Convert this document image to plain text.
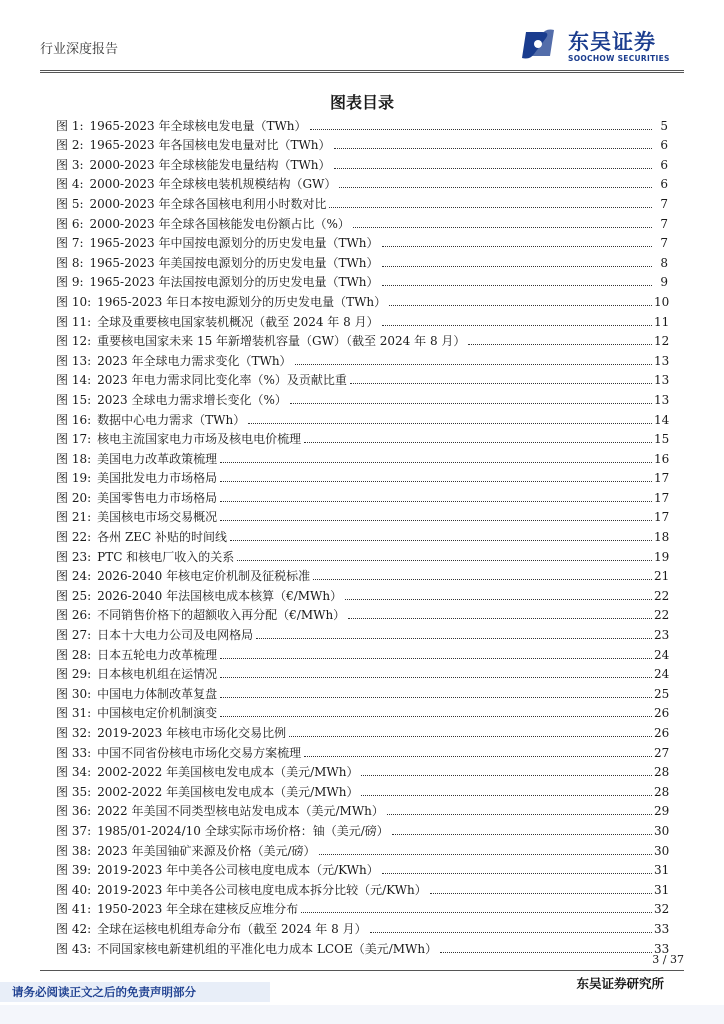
行业深度报告	东吴证券
SOOCHOW SECURITIES
图表目录
图 1: 1965-2023 年全球核电发电量（TWh）	5
图 2: 1965-2023 年各国核电发电量对比（TWh）	6
图 3: 2000-2023 年全球核能发电量结构（TWh）	6
图 4: 2000-2023 年全球核电装机规模结构（GW）	6
图 5: 2000-2023 年全球各国核电利用小时数对比	7
图 6: 2000-2023 年全球各国核能发电份额占比（%）	7
图 7: 1965-2023 年中国按电源划分的历史发电量（TWh）	7
图 8: 1965-2023 年美国按电源划分的历史发电量（TWh）	8
图 9: 1965-2023 年法国按电源划分的历史发电量（TWh）	9
图 10: 1965-2023 年日本按电源划分的历史发电量（TWh）	10
图 11: 全球及重要核电国家装机概况（截至 2024 年 8 月）	11
图 12: 重要核电国家未来 15 年新增装机容量（GW）（截至 2024 年 8 月）	12
图 13: 2023 年全球电力需求变化（TWh）	13
图 14: 2023 年电力需求同比变化率（%）及贡献比重	13
图 15: 2023 全球电力需求增长变化（%）	13
图 16: 数据中心电力需求（TWh）	14
图 17: 核电主流国家电力市场及核电电价梳理	15
图 18: 美国电力改革政策梳理	16
图 19: 美国批发电力市场格局	17
图 20: 美国零售电力市场格局	17
图 21: 美国核电市场交易概况	17
图 22: 各州 ZEC 补贴的时间线	18
图 23: PTC 和核电厂收入的关系	19
图 24: 2026-2040 年核电定价机制及征税标准	21
图 25: 2026-2040 年法国核电成本核算（€/MWh）	22
图 26: 不同销售价格下的超额收入再分配（€/MWh）	22
图 27: 日本十大电力公司及电网格局	23
图 28: 日本五轮电力改革梳理	24
图 29: 日本核电机组在运情况	24
图 30: 中国电力体制改革复盘	25
图 31: 中国核电定价机制演变	26
图 32: 2019-2023 年核电市场化交易比例	26
图 33: 中国不同省份核电市场化交易方案梳理	27
图 34: 2002-2022 年美国核电发电成本（美元/MWh）	28
图 35: 2002-2022 年美国核电发电成本（美元/MWh）	28
图 36: 2022 年美国不同类型核电站发电成本（美元/MWh）	29
图 37: 1985/01-2024/10 全球实际市场价格：铀（美元/磅）	30
图 38: 2023 年美国铀矿来源及价格（美元/磅）	30
图 39: 2019-2023 年中美各公司核电度电成本（元/KWh）	31
图 40: 2019-2023 年中美各公司核电度电成本拆分比较（元/KWh）	31
图 41: 1950-2023 年全球在建核反应堆分布	32
图 42: 全球在运核电机组寿命分布（截至 2024 年 8 月）	33
图 43: 不同国家核电新建机组的平准化电力成本 LCOE（美元/MWh）	33
3 / 37
请务必阅读正文之后的免责声明部分
东吴证券研究所
